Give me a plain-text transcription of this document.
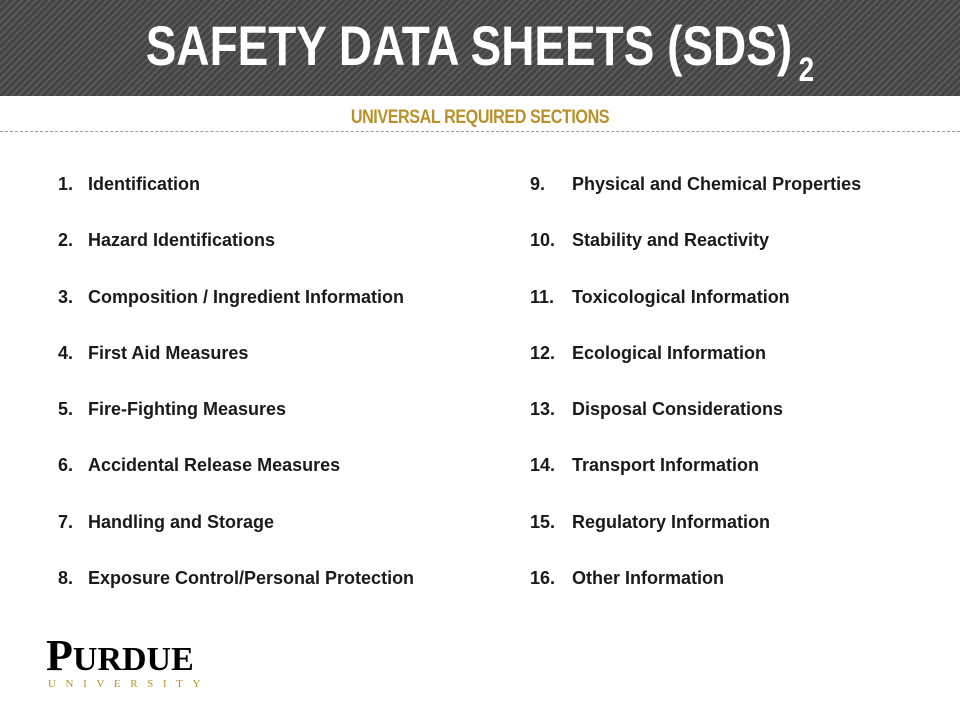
SAFETY DATA SHEETS (SDS) $_2$
UNIVERSAL REQUIRED SECTIONS
1. Identification
2. Hazard Identifications
3. Composition / Ingredient Information
4. First Aid Measures
5. Fire-Fighting Measures
6. Accidental Release Measures
7. Handling and Storage
8. Exposure Control/Personal Protection
9. Physical and Chemical Properties
10. Stability and Reactivity
11. Toxicological Information
12. Ecological Information
13. Disposal Considerations
14. Transport Information
15. Regulatory Information
16. Other Information
PURDUE
UNIVERSITY
